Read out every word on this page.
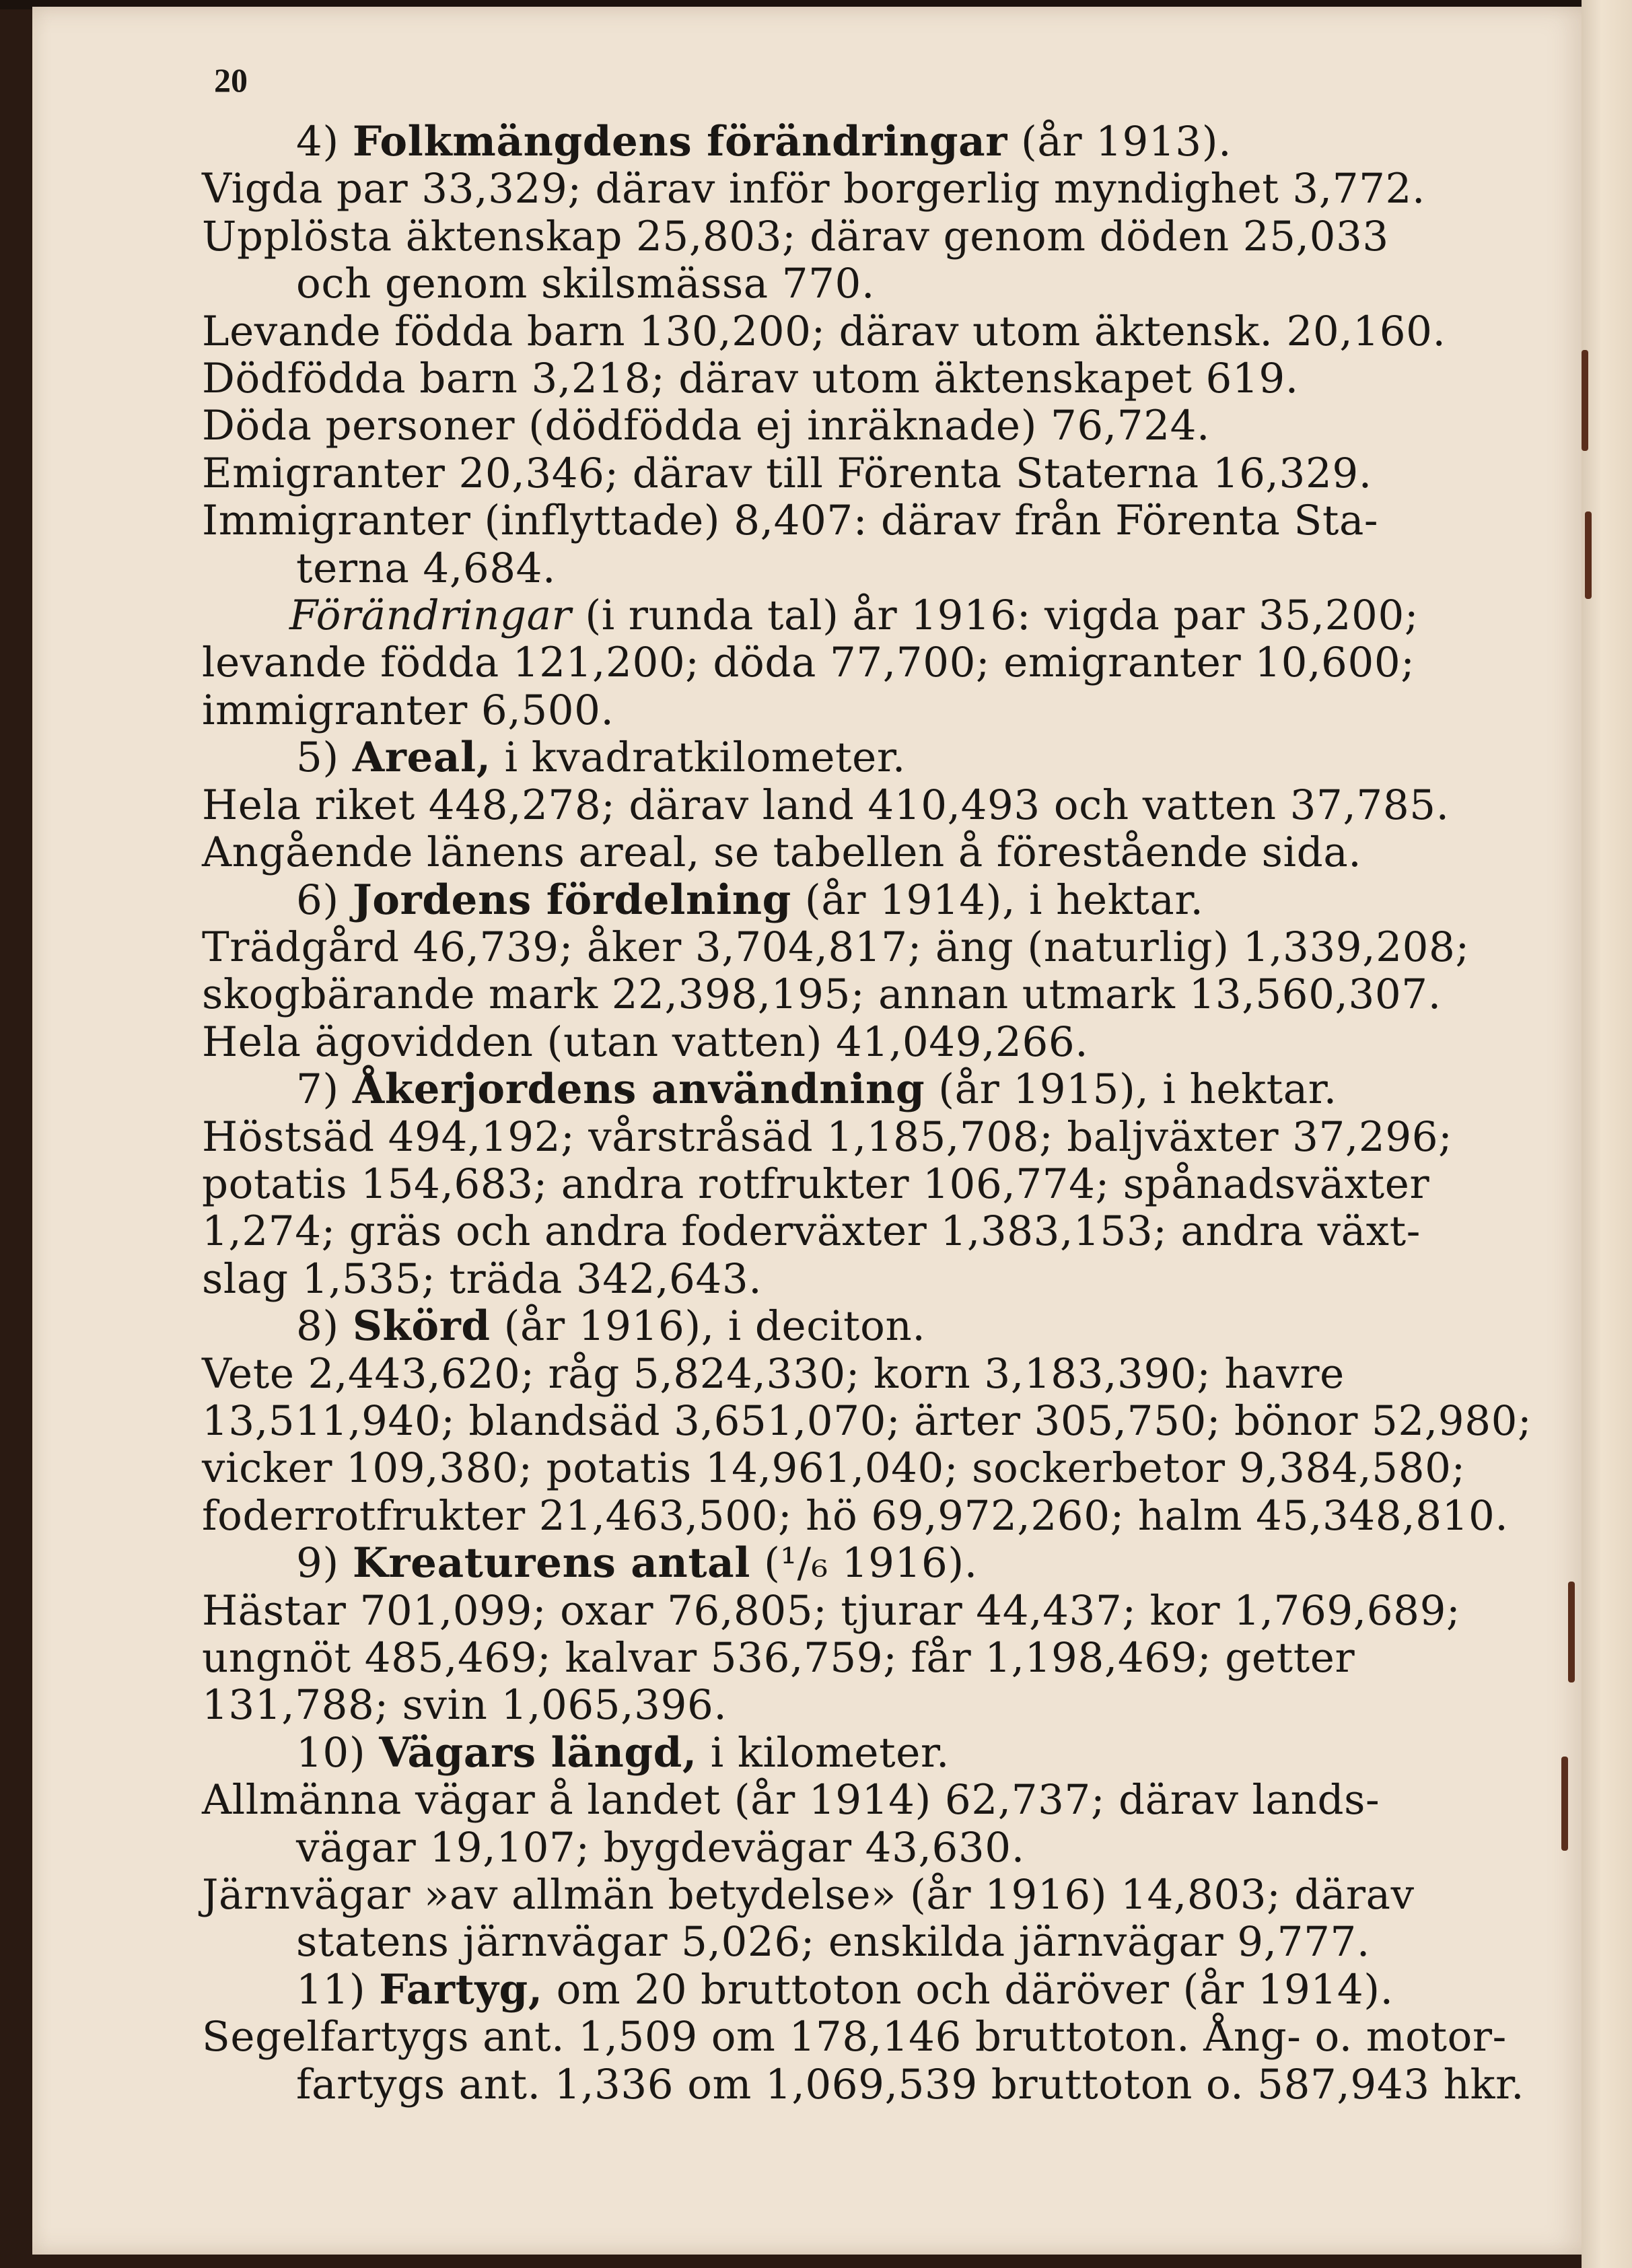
20

4) Folkmängdens förändringar (år 1913).

Vigda par 33,329; därav inför borgerlig myndighet 3,772.

Upplösta äktenskap 25,803; därav genom döden 25,033

och genom skilsmässa 770.

Levande födda barn 130,200; därav utom äktensk. 20,160.

Dödfödda barn 3,218; därav utom äktenskapet 619.

Döda personer (dödfödda ej inräknade) 76,724.

Emigranter 20,346; därav till Förenta Staterna 16,329.

Immigranter (inflyttade) 8,407: därav från Förenta Sta-

terna 4,684.

Förändringar (i runda tal) år 1916: vigda par 35,200;

levande födda 121,200; döda 77,700; emigranter 10,600;

immigranter 6,500.

5) Areal, i kvadratkilometer.

Hela riket 448,278; därav land 410,493 och vatten 37,785.

Angående länens areal, se tabellen å förestående sida.

6) Jordens fördelning (år 1914), i hektar.

Trädgård 46,739; åker 3,704,817; äng (naturlig) 1,339,208;

skogbärande mark 22,398,195; annan utmark 13,560,307.

Hela ägovidden (utan vatten) 41,049,266.

7) Åkerjordens användning (år 1915), i hektar.

Höstsäd 494,192; vårstråsäd 1,185,708; baljväxter 37,296;

potatis 154,683; andra rotfrukter 106,774; spånadsväxter

1,274; gräs och andra foderväxter 1,383,153; andra växt-

slag 1,535; träda 342,643.

8) Skörd (år 1916), i deciton.

Vete 2,443,620; råg 5,824,330; korn 3,183,390; havre

13,511,940; blandsäd 3,651,070; ärter 305,750; bönor 52,980;

vicker 109,380; potatis 14,961,040; sockerbetor 9,384,580;

foderrotfrukter 21,463,500; hö 69,972,260; halm 45,348,810.

9) Kreaturens antal (¹/₆ 1916).

Hästar 701,099; oxar 76,805; tjurar 44,437; kor 1,769,689;

ungnöt 485,469; kalvar 536,759; får 1,198,469; getter

131,788; svin 1,065,396.

10) Vägars längd, i kilometer.

Allmänna vägar å landet (år 1914) 62,737; därav lands-

vägar 19,107; bygdevägar 43,630.

Järnvägar »av allmän betydelse» (år 1916) 14,803; därav

statens järnvägar 5,026; enskilda järnvägar 9,777.

11) Fartyg, om 20 bruttoton och däröver (år 1914).

Segelfartygs ant. 1,509 om 178,146 bruttoton. Ång- o. motor-

fartygs ant. 1,336 om 1,069,539 bruttoton o. 587,943 hkr.
